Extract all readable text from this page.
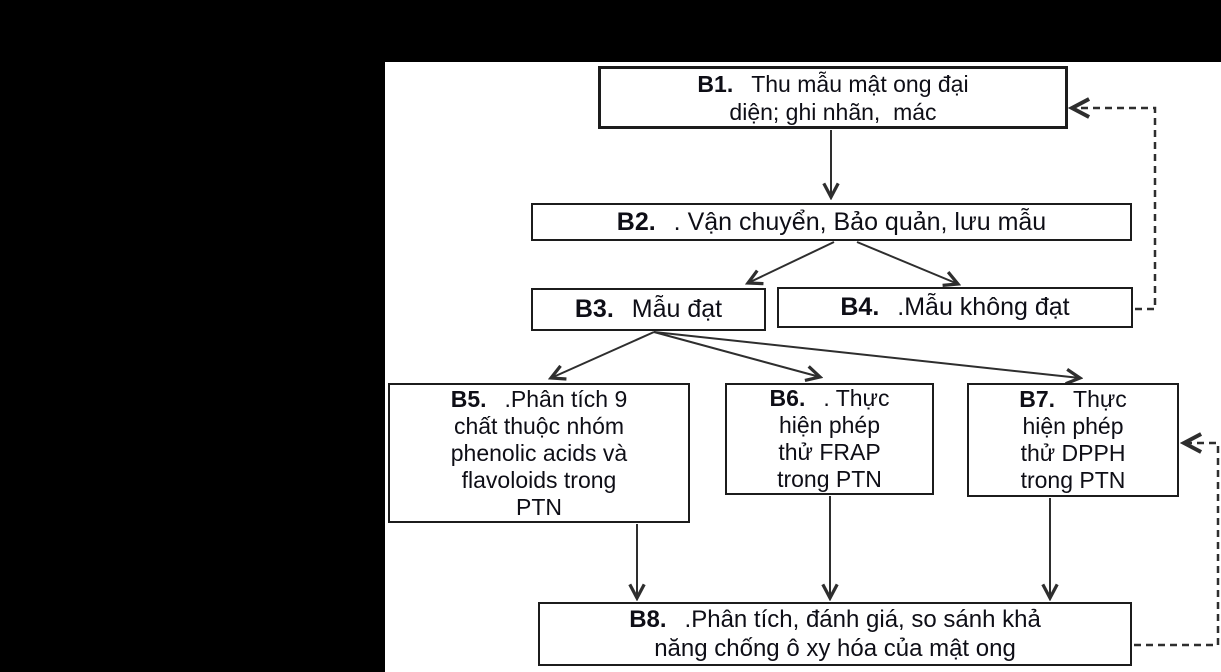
B1. Thu mẫu mật ong đại
diện; ghi nhãn,  mác
B2. . Vận chuyển, Bảo quản, lưu mẫu
B3. Mẫu đạt	B4. .Mẫu không đạt
B5. .Phân tích 9
chất thuộc nhóm
phenolic acids và
flavoloids trong
PTN
B6. . Thực
hiện phép
thử FRAP
trong PTN
B7. Thực
hiện phép
thử DPPH
trong PTN
B8. .Phân tích, đánh giá, so sánh khả
năng chống ô xy hóa của mật ong
